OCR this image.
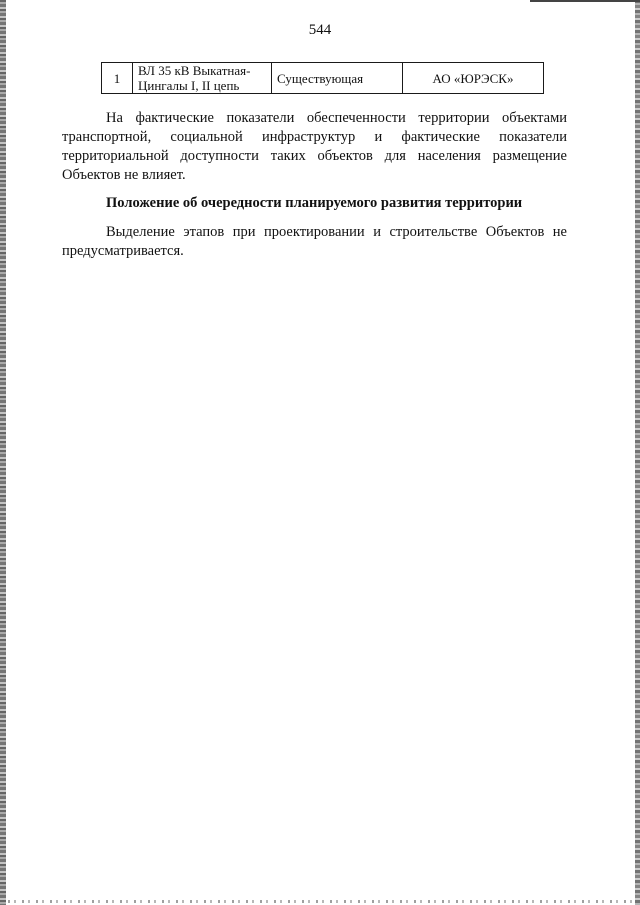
544
1	ВЛ 35 кВ Выкатная-Цингалы I, II цепь	Существующая	АО «ЮРЭСК»

На фактические показатели обеспеченности территории объектами транспортной, социальной инфраструктур и фактические показатели территориальной доступности таких объектов для населения размещение Объектов не влияет.

Положение об очередности планируемого развития территории

Выделение этапов при проектировании и строительстве Объектов не предусматривается.
